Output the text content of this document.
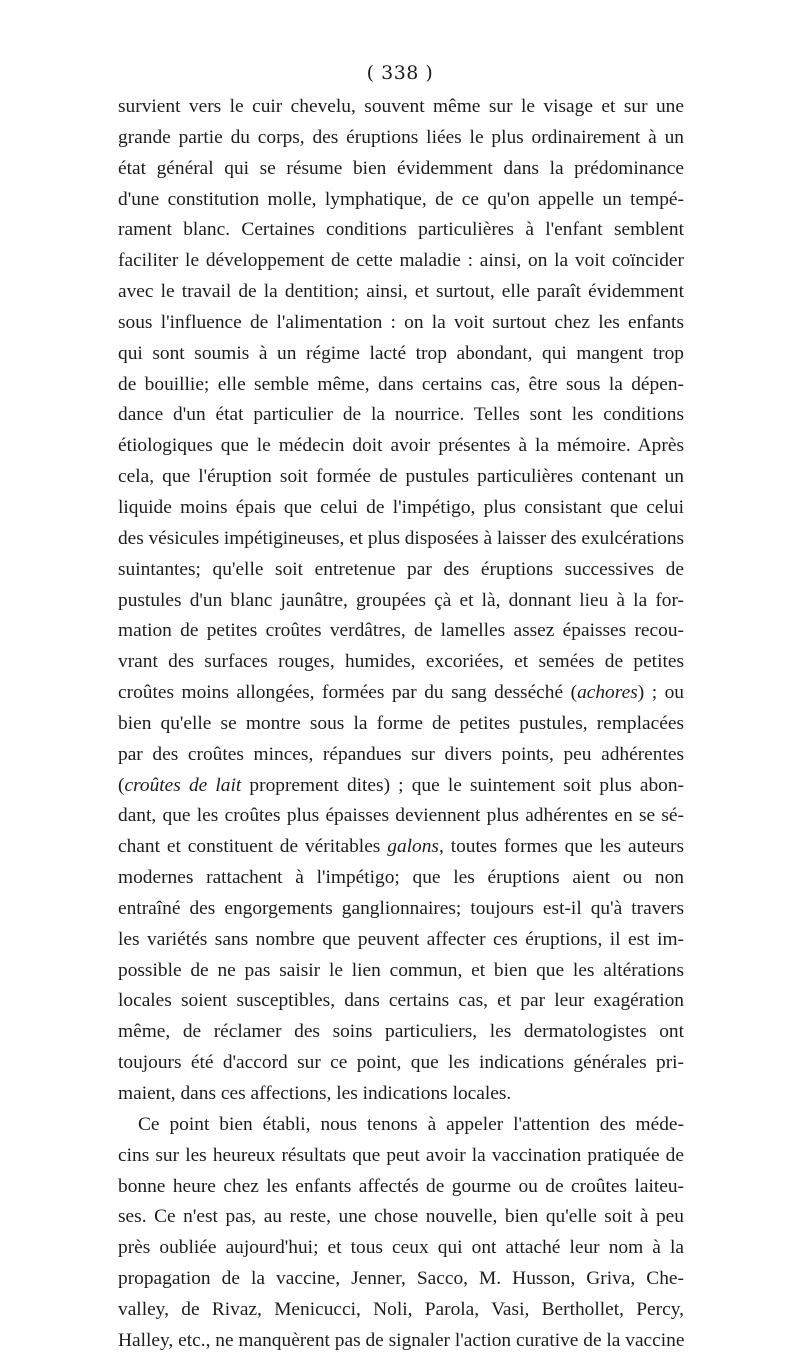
( 338 )
survient vers le cuir chevelu, souvent même sur le visage et sur une
grande partie du corps, des éruptions liées le plus ordinairement à un
état général qui se résume bien évidemment dans la prédominance
d'une constitution molle, lymphatique, de ce qu'on appelle un tempé-
rament blanc. Certaines conditions particulières à l'enfant semblent
faciliter le développement de cette maladie : ainsi, on la voit coïncider
avec le travail de la dentition; ainsi, et surtout, elle paraît évidemment
sous l'influence de l'alimentation : on la voit surtout chez les enfants
qui sont soumis à un régime lacté trop abondant, qui mangent trop
de bouillie; elle semble même, dans certains cas, être sous la dépen-
dance d'un état particulier de la nourrice. Telles sont les conditions
étiologiques que le médecin doit avoir présentes à la mémoire. Après
cela, que l'éruption soit formée de pustules particulières contenant un
liquide moins épais que celui de l'impétigo, plus consistant que celui
des vésicules impétigineuses, et plus disposées à laisser des exulcérations
suintantes; qu'elle soit entretenue par des éruptions successives de
pustules d'un blanc jaunâtre, groupées çà et là, donnant lieu à la for-
mation de petites croûtes verdâtres, de lamelles assez épaisses recou-
vrant des surfaces rouges, humides, excoriées, et semées de petites
croûtes moins allongées, formées par du sang desséché (achores) ; ou
bien qu'elle se montre sous la forme de petites pustules, remplacées
par des croûtes minces, répandues sur divers points, peu adhérentes
(croûtes de lait proprement dites) ; que le suintement soit plus abon-
dant, que les croûtes plus épaisses deviennent plus adhérentes en se sé-
chant et constituent de véritables galons, toutes formes que les auteurs
modernes rattachent à l'impétigo; que les éruptions aient ou non
entraîné des engorgements ganglionnaires; toujours est-il qu'à travers
les variétés sans nombre que peuvent affecter ces éruptions, il est im-
possible de ne pas saisir le lien commun, et bien que les altérations
locales soient susceptibles, dans certains cas, et par leur exagération
même, de réclamer des soins particuliers, les dermatologistes ont
toujours été d'accord sur ce point, que les indications générales pri-
maient, dans ces affections, les indications locales.
Ce point bien établi, nous tenons à appeler l'attention des méde-
cins sur les heureux résultats que peut avoir la vaccination pratiquée de
bonne heure chez les enfants affectés de gourme ou de croûtes laiteu-
ses. Ce n'est pas, au reste, une chose nouvelle, bien qu'elle soit à peu
près oubliée aujourd'hui; et tous ceux qui ont attaché leur nom à la
propagation de la vaccine, Jenner, Sacco, M. Husson, Griva, Che-
valley, de Rivaz, Menicucci, Noli, Parola, Vasi, Berthollet, Percy,
Halley, etc., ne manquèrent pas de signaler l'action curative de la vaccine
